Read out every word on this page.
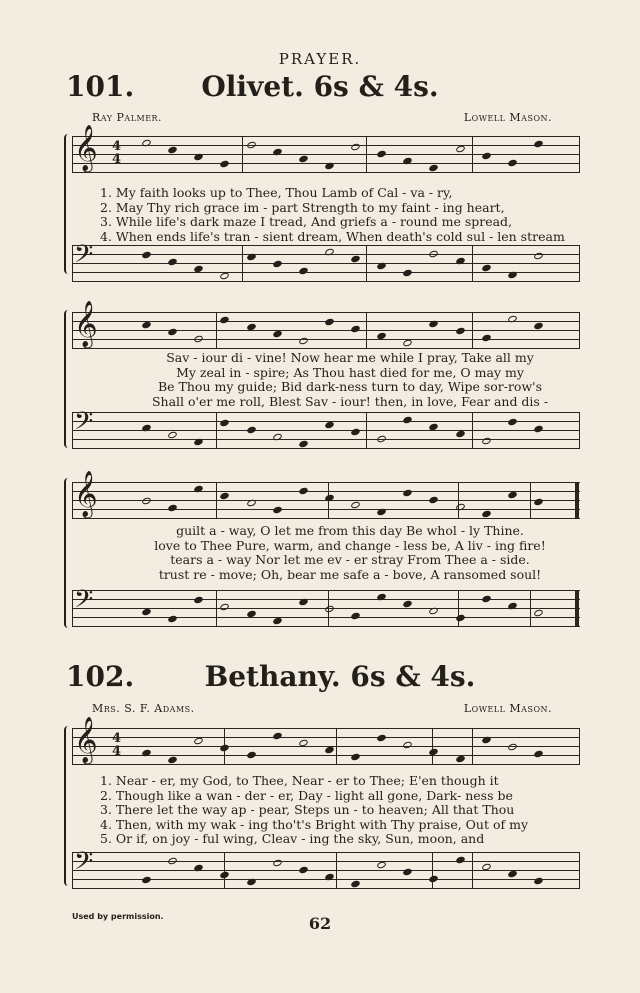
PRAYER.
101.	Olivet. 6s & 4s.
Ray Palmer.	Lowell Mason.
𝄞 4
4
1. My faith looks up to Thee, Thou Lamb of Cal - va - ry,
2. May Thy rich grace im - part Strength to my faint - ing heart,
3. While life's dark maze I tread, And griefs a - round me spread,
4. When ends life's tran - sient dream, When death's cold sul - len stream
𝄢
𝄞
Sav - iour di - vine! Now hear me while I pray, Take all my
My zeal in - spire; As Thou hast died for me, O may my
Be Thou my guide; Bid dark-ness turn to day, Wipe sor-row's
Shall o'er me roll, Blest Sav - iour! then, in love, Fear and dis -
𝄢
𝄞
guilt a - way, O let me from this day Be whol - ly Thine.
love to Thee Pure, warm, and change - less be, A liv - ing fire!
tears a - way Nor let me ev - er stray From Thee a - side.
trust re - move; Oh, bear me safe a - bove, A ransomed soul!
𝄢
102.	Bethany. 6s & 4s.
Mrs. S. F. Adams.	Lowell Mason.
𝄞 4
4
1. Near - er, my God, to Thee, Near - er to Thee; E'en though it
2. Though like a wan - der - er, Day - light all gone, Dark- ness be
3. There let the way ap - pear, Steps un - to heaven; All that Thou
4. Then, with my wak - ing tho't's Bright with Thy praise, Out of my
5. Or if, on joy - ful wing, Cleav - ing the sky, Sun, moon, and
𝄢
Used by permission.	62
